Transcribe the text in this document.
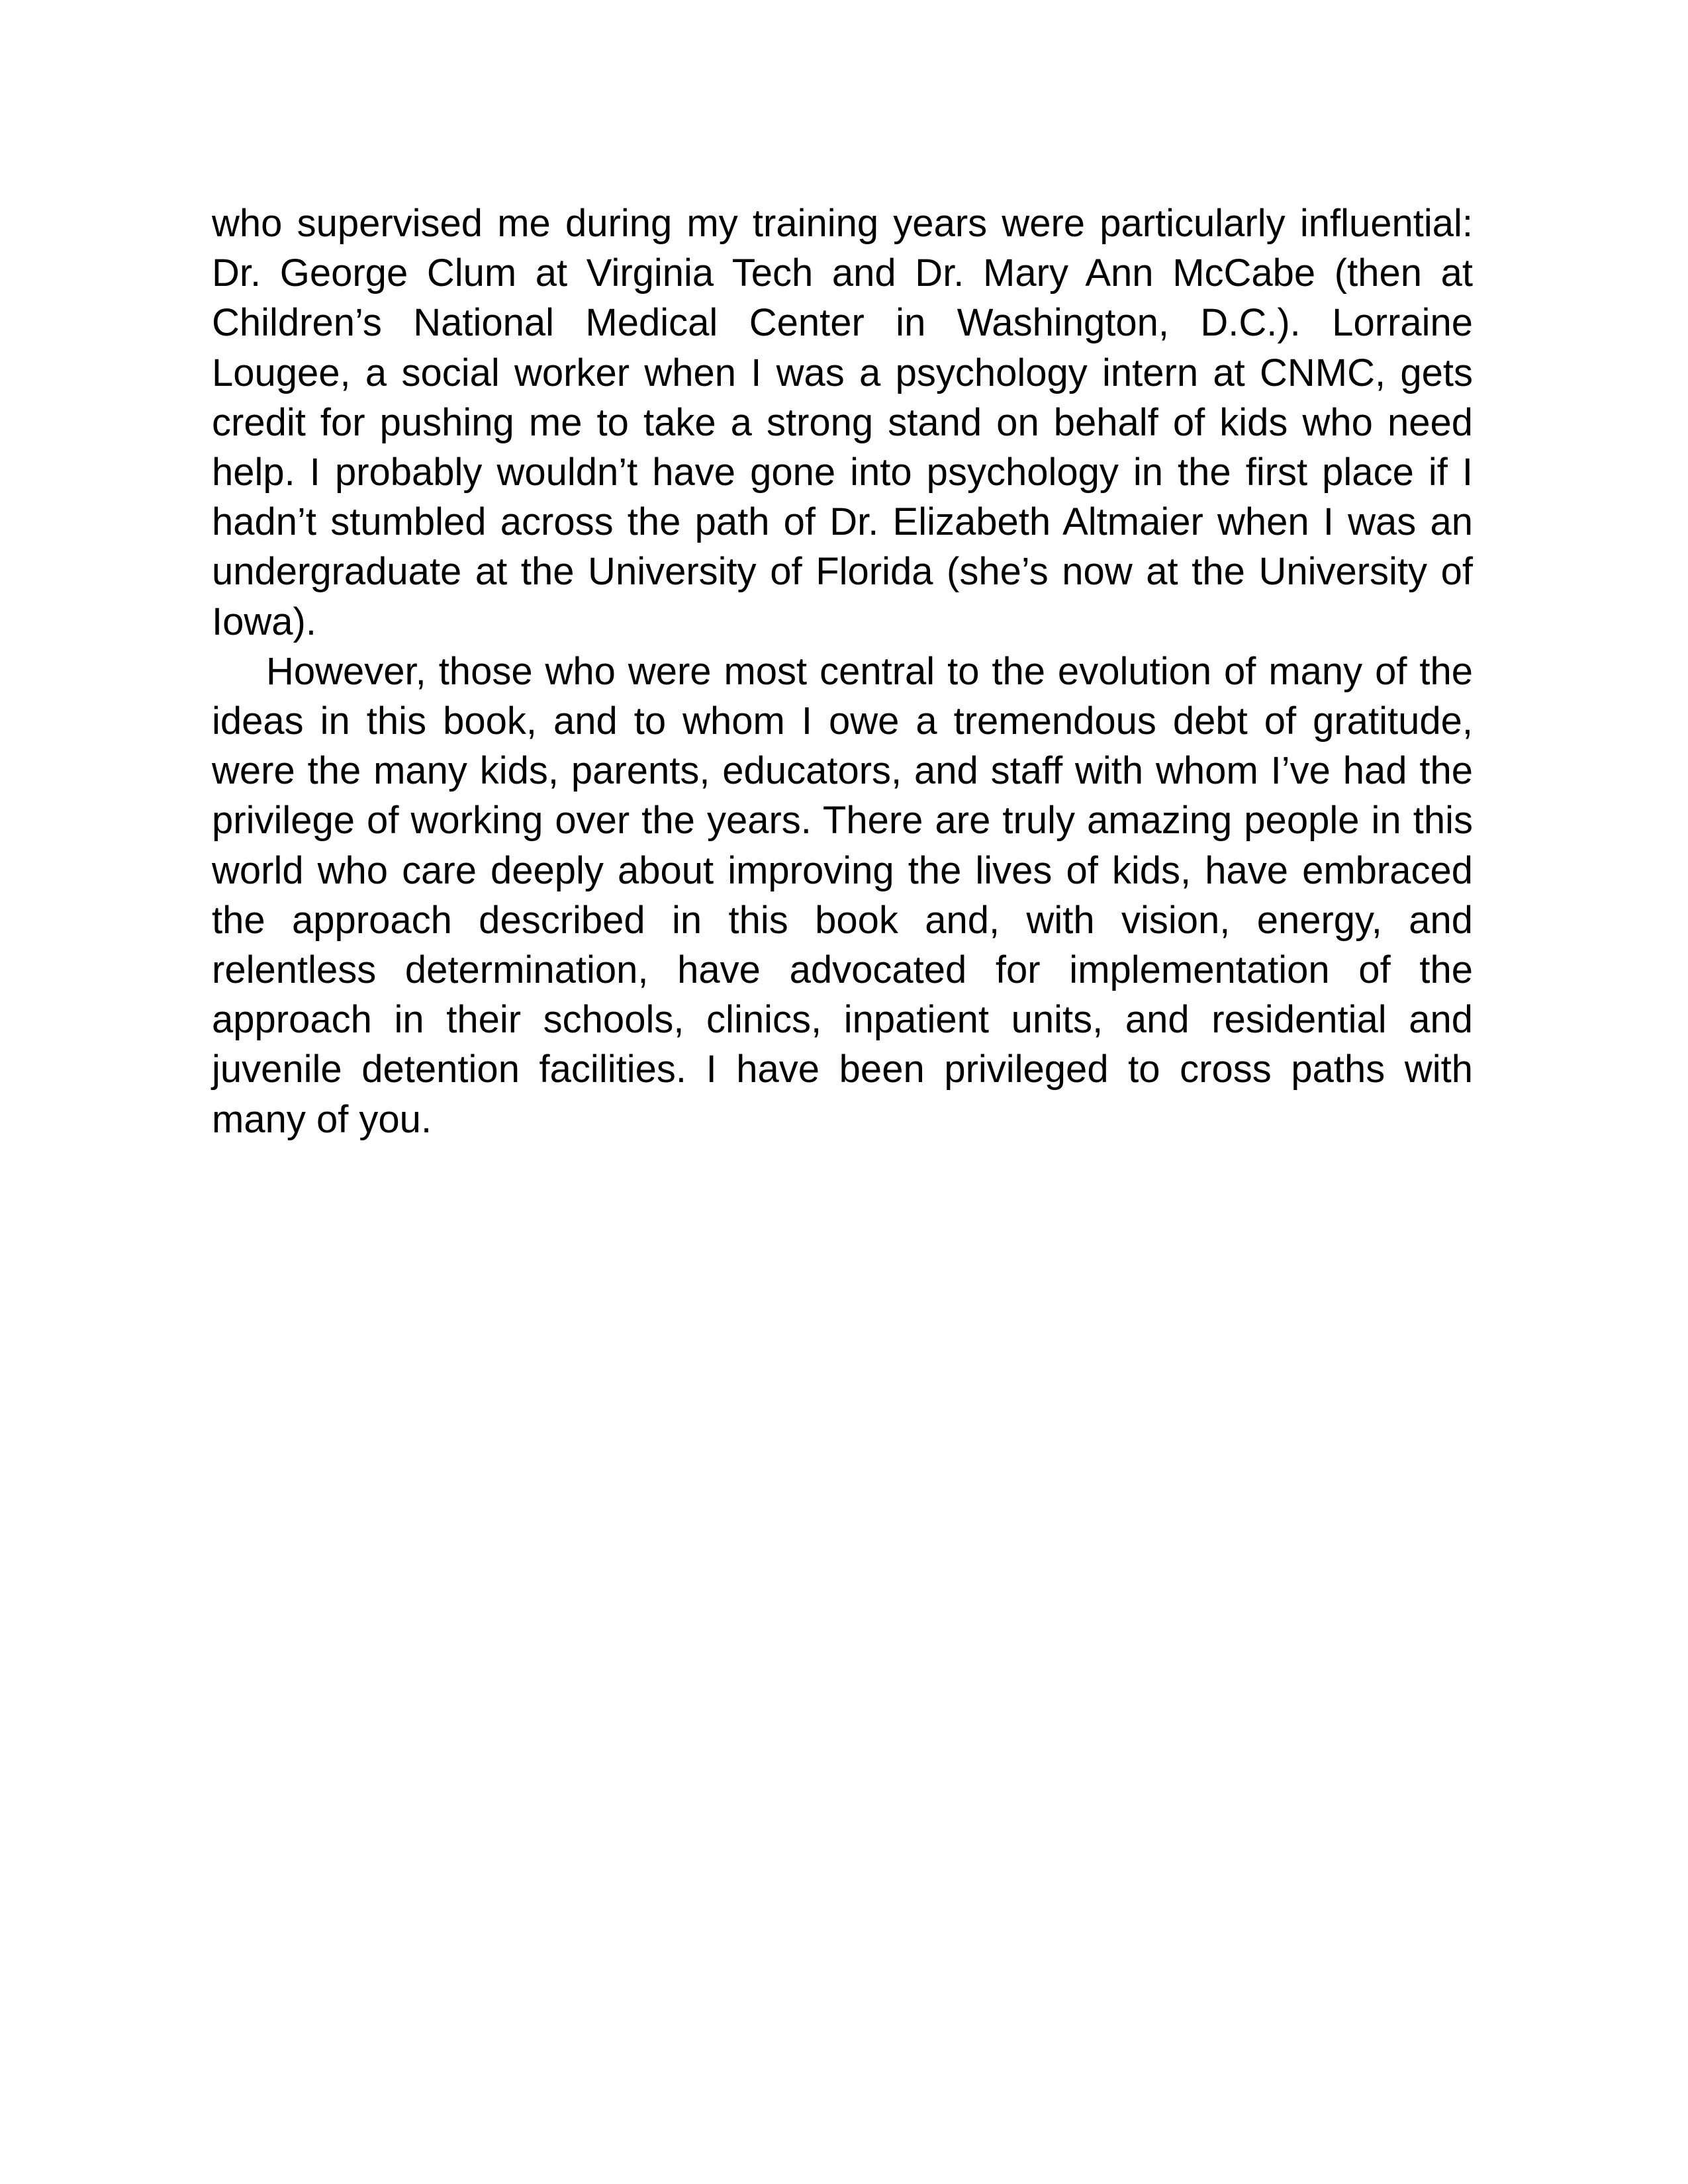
who supervised me during my training years were particularly influential: Dr. George Clum at Virginia Tech and Dr. Mary Ann McCabe (then at Children’s National Medical Center in Washington, D.C.). Lorraine Lougee, a social worker when I was a psychology intern at CNMC, gets credit for pushing me to take a strong stand on behalf of kids who need help. I probably wouldn’t have gone into psychology in the first place if I hadn’t stumbled across the path of Dr. Elizabeth Altmaier when I was an undergraduate at the University of Florida (she’s now at the University of Iowa).

However, those who were most central to the evolution of many of the ideas in this book, and to whom I owe a tremendous debt of gratitude, were the many kids, parents, educators, and staff with whom I’ve had the privilege of working over the years. There are truly amazing people in this world who care deeply about improving the lives of kids, have embraced the approach described in this book and, with vision, energy, and relentless determination, have advocated for implementation of the approach in their schools, clinics, inpatient units, and residential and juvenile detention facilities. I have been privileged to cross paths with many of you.
